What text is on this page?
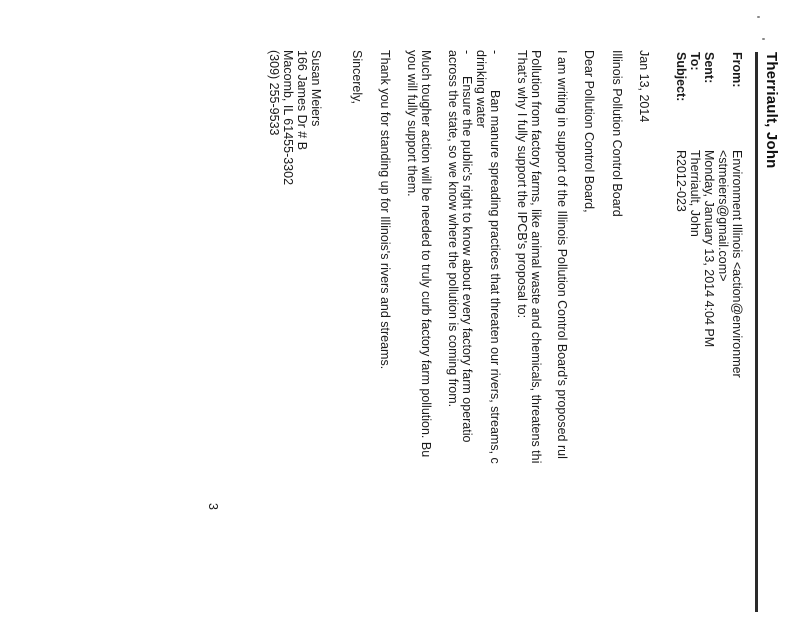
Therriault, John
From:
Environment Illinois <action@environmer
<stmeiers@gmail.com>
Sent:
Monday, January 13, 2014 4:04 PM
To:
Therriault, John
Subject:
R2012-023
Jan 13, 2014
Illinois Pollution Control Board
Dear Pollution Control Board,
I am writing in support of the Illinois Pollution Control Board's proposed rul
Pollution from factory farms, like animal waste and chemicals, threatens thi
That's why I fully support the IPCB's proposal to:
-
Ban manure spreading practices that threaten our rivers, streams, c
drinking water
-
Ensure the public's right to know about every factory farm operatio
across the state, so we know where the pollution is coming from.
Much tougher action will be needed to truly curb factory farm pollution. Bu
you will fully support them.
Thank you for standing up for Illinois's rivers and streams.
Sincerely,
Susan Meiers
166 James Dr # B
Macomb, IL 61455-3302
(309) 255-9533
3
